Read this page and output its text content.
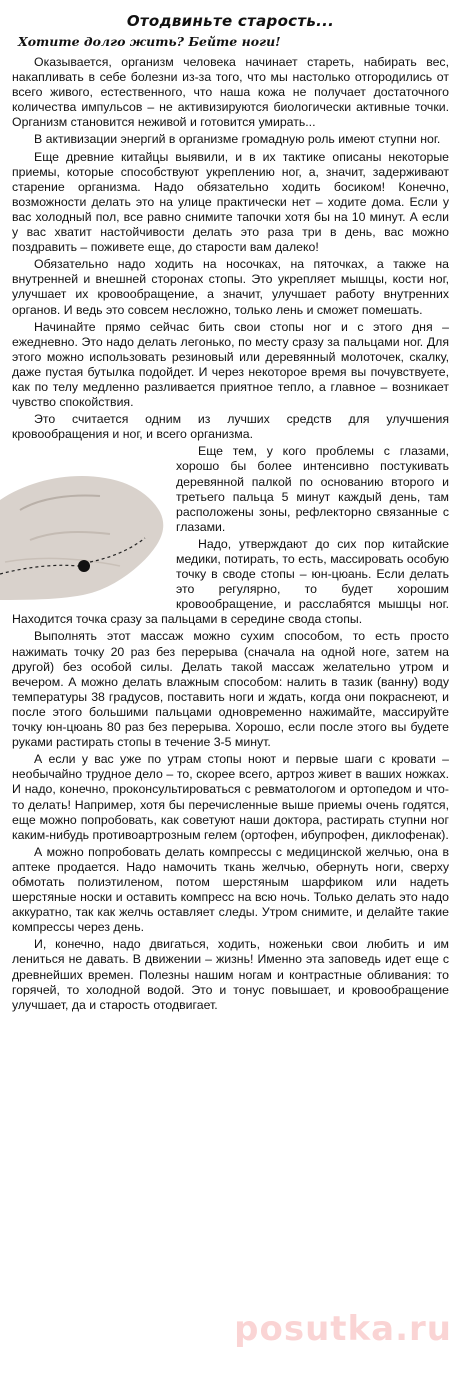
Отодвиньте старость...
Хотите долго жить? Бейте ноги!

Оказывается, организм человека начинает стареть, набирать вес, накапливать в себе болезни из-за того, что мы настолько отгородились от всего живого, естественного, что наша кожа не получает достаточного количества импульсов – не активизируются биологически активные точки. Организм становится неживой и готовится умирать...

В активизации энергий в организме громадную роль имеют ступни ног.

Еще древние китайцы выявили, и в их тактике описаны некоторые приемы, которые способствуют укреплению ног, а, значит, задерживают старение организма. Надо обязательно ходить босиком! Конечно, возможности делать это на улице практически нет – ходите дома. Если у вас холодный пол, все равно снимите тапочки хотя бы на 10 минут. А если у вас хватит настойчивости делать это раза три в день, вас можно поздравить – поживете еще, до старости вам далеко!

Обязательно надо ходить на носочках, на пяточках, а также на внутренней и внешней сторонах стопы. Это укрепляет мышцы, кости ног, улучшает их кровообращение, а значит, улучшает работу внутренних органов. И ведь это совсем несложно, только лень и сможет помешать.

Начинайте прямо сейчас бить свои стопы ног и с этого дня – ежедневно. Это надо делать легонько, по месту сразу за пальцами ног. Для этого можно использовать резиновый или деревянный молоточек, скалку, даже пустая бутылка подойдет. И через некоторое время вы почувствуете, как по телу медленно разливается приятное тепло, а главное – возникает чувство спокойствия.

Это считается одним из лучших средств для улучшения кровообращения и ног, и всего организма.

Еще тем, у кого проблемы с глазами, хорошо бы более интенсивно постукивать деревянной палкой по основанию второго и третьего пальца 5 минут каждый день, там расположены зоны, рефлекторно связанные с глазами.

Надо, утверждают до сих пор китайские медики, потирать, то есть, массировать особую точку в своде стопы – юн-цюань. Если делать это регулярно, то будет хорошим кровообращение, и расслабятся мышцы ног. Находится точка сразу за пальцами в середине свода стопы.

Выполнять этот массаж можно сухим способом, то есть просто нажимать точку 20 раз без перерыва (сначала на одной ноге, затем на другой) без особой силы. Делать такой массаж желательно утром и вечером. А можно делать влажным способом: налить в тазик (ванну) воду температуры 38 градусов, поставить ноги и ждать, когда они покраснеют, и после этого большими пальцами одновременно нажимайте, массируйте точку юн-цюань 80 раз без перерыва. Хорошо, если после этого вы будете руками растирать стопы в течение 3-5 минут.

А если у вас уже по утрам стопы ноют и первые шаги с кровати – необычайно трудное дело – то, скорее всего, артроз живет в ваших ножках. И надо, конечно, проконсультироваться с ревматологом и ортопедом и что-то делать! Например, хотя бы перечисленные выше приемы очень годятся, еще можно попробовать, как советуют наши доктора, растирать ступни ног каким-нибудь противоартрозным гелем (ортофен, ибупрофен, диклофенак).

А можно попробовать делать компрессы с медицинской желчью, она в аптеке продается. Надо намочить ткань желчью, обернуть ноги, сверху обмотать полиэтиленом, потом шерстяным шарфиком или надеть шерстяные носки и оставить компресс на всю ночь. Только делать это надо аккуратно, так как желчь оставляет следы. Утром снимите, и делайте такие компрессы через день.

И, конечно, надо двигаться, ходить, ноженьки свои любить и им лениться не давать. В движении – жизнь! Именно эта заповедь идет еще с древнейших времен. Полезны нашим ногам и контрастные обливания: то горячей, то холодной водой. Это и тонус повышает, и кровообращение улучшает, да и старость отодвигает.

posutka.ru
